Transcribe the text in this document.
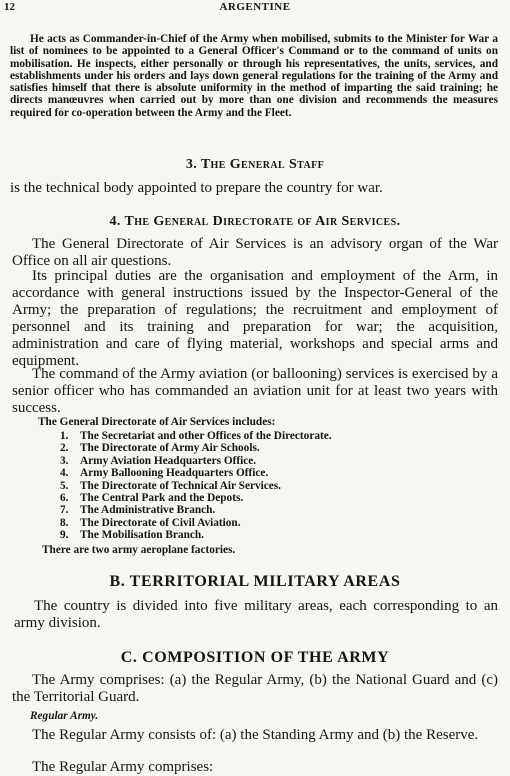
12	ARGENTINE

He acts as Commander-in-Chief of the Army when mobilised, submits to the Minister for War a list of nominees to be appointed to a General Officer's Command or to the command of units on mobilisation. He inspects, either personally or through his representatives, the units, services, and establishments under his orders and lays down general regulations for the training of the Army and satisfies himself that there is absolute uniformity in the method of imparting the said training; he directs manœuvres when carried out by more than one division and recommends the measures required for co-operation between the Army and the Fleet.

3. The General Staff

is the technical body appointed to prepare the country for war.

4. The General Directorate of Air Services.

The General Directorate of Air Services is an advisory organ of the War Office on all air questions.

Its principal duties are the organisation and employment of the Arm, in accordance with general instructions issued by the Inspector-General of the Army; the preparation of regulations; the recruitment and employment of personnel and its training and preparation for war; the acquisition, administration and care of flying material, workshops and special arms and equipment.

The command of the Army aviation (or ballooning) services is exercised by a senior officer who has commanded an aviation unit for at least two years with success.

The General Directorate of Air Services includes:

1. The Secretariat and other Offices of the Directorate.
2. The Directorate of Army Air Schools.
3. Army Aviation Headquarters Office.
4. Army Ballooning Headquarters Office.
5. The Directorate of Technical Air Services.
6. The Central Park and the Depots.
7. The Administrative Branch.
8. The Directorate of Civil Aviation.
9. The Mobilisation Branch.

There are two army aeroplane factories.

B. TERRITORIAL MILITARY AREAS

The country is divided into five military areas, each corresponding to an army division.

C. COMPOSITION OF THE ARMY

The Army comprises: (a) the Regular Army, (b) the National Guard and (c) the Territorial Guard.

Regular Army.

The Regular Army consists of: (a) the Standing Army and (b) the Reserve.

The Regular Army comprises:
